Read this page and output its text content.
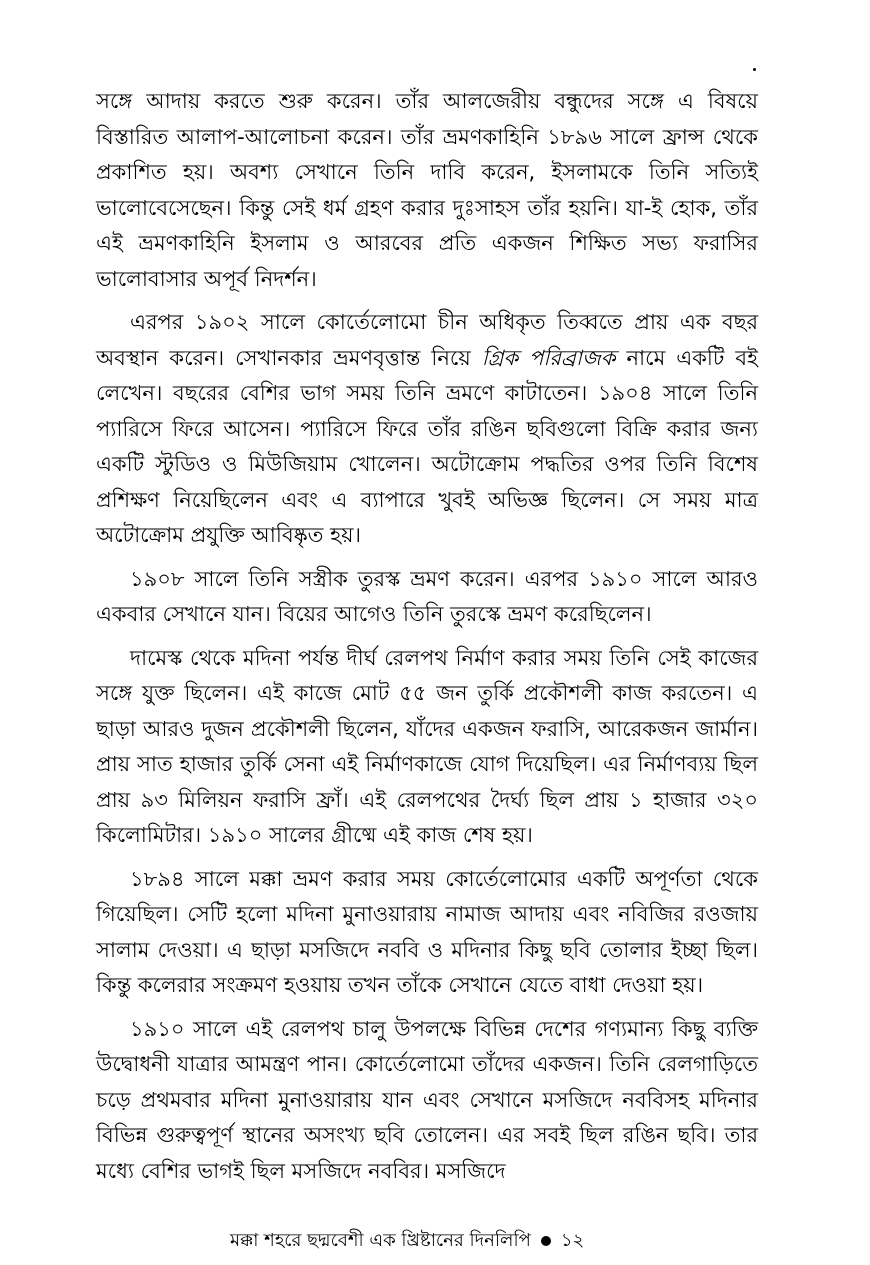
সঙ্গে আদায় করতে শুরু করেন। তাঁর আলজেরীয় বন্ধুদের সঙ্গে এ বিষয়ে বিস্তারিত আলাপ-আলোচনা করেন। তাঁর ভ্রমণকাহিনি ১৮৯৬ সালে ফ্রান্স থেকে প্রকাশিত হয়। অবশ্য সেখানে তিনি দাবি করেন, ইসলামকে তিনি সত্যিই ভালোবেসেছেন। কিন্তু সেই ধর্ম গ্রহণ করার দুঃসাহস তাঁর হয়নি। যা-ই হোক, তাঁর এই ভ্রমণকাহিনি ইসলাম ও আরবের প্রতি একজন শিক্ষিত সভ্য ফরাসির ভালোবাসার অপূর্ব নিদর্শন।

এরপর ১৯০২ সালে কোর্তেলোমো চীন অধিকৃত তিব্বতে প্রায় এক বছর অবস্থান করেন। সেখানকার ভ্রমণবৃত্তান্ত নিয়ে গ্রিক পরিব্রাজক নামে একটি বই লেখেন। বছরের বেশির ভাগ সময় তিনি ভ্রমণে কাটাতেন। ১৯০৪ সালে তিনি প্যারিসে ফিরে আসেন। প্যারিসে ফিরে তাঁর রঙিন ছবিগুলো বিক্রি করার জন্য একটি স্টুডিও ও মিউজিয়াম খোলেন। অটোক্রোম পদ্ধতির ওপর তিনি বিশেষ প্রশিক্ষণ নিয়েছিলেন এবং এ ব্যাপারে খুবই অভিজ্ঞ ছিলেন। সে সময় মাত্র অটোক্রোম প্রযুক্তি আবিষ্কৃত হয়।

১৯০৮ সালে তিনি সস্ত্রীক তুরস্ক ভ্রমণ করেন। এরপর ১৯১০ সালে আরও একবার সেখানে যান। বিয়ের আগেও তিনি তুরস্কে ভ্রমণ করেছিলেন।

দামেস্ক থেকে মদিনা পর্যন্ত দীর্ঘ রেলপথ নির্মাণ করার সময় তিনি সেই কাজের সঙ্গে যুক্ত ছিলেন। এই কাজে মোট ৫৫ জন তুর্কি প্রকৌশলী কাজ করতেন। এ ছাড়া আরও দুজন প্রকৌশলী ছিলেন, যাঁদের একজন ফরাসি, আরেকজন জার্মান। প্রায় সাত হাজার তুর্কি সেনা এই নির্মাণকাজে যোগ দিয়েছিল। এর নির্মাণব্যয় ছিল প্রায় ৯৩ মিলিয়ন ফরাসি ফ্রাঁ। এই রেলপথের দৈর্ঘ্য ছিল প্রায় ১ হাজার ৩২০ কিলোমিটার। ১৯১০ সালের গ্রীষ্মে এই কাজ শেষ হয়।

১৮৯৪ সালে মক্কা ভ্রমণ করার সময় কোর্তেলোমোর একটি অপূর্ণতা থেকে গিয়েছিল। সেটি হলো মদিনা মুনাওয়ারায় নামাজ আদায় এবং নবিজির রওজায় সালাম দেওয়া। এ ছাড়া মসজিদে নববি ও মদিনার কিছু ছবি তোলার ইচ্ছা ছিল। কিন্তু কলেরার সংক্রমণ হওয়ায় তখন তাঁকে সেখানে যেতে বাধা দেওয়া হয়।

১৯১০ সালে এই রেলপথ চালু উপলক্ষে বিভিন্ন দেশের গণ্যমান্য কিছু ব্যক্তি উদ্বোধনী যাত্রার আমন্ত্রণ পান। কোর্তেলোমো তাঁদের একজন। তিনি রেলগাড়িতে চড়ে প্রথমবার মদিনা মুনাওয়ারায় যান এবং সেখানে মসজিদে নববিসহ মদিনার বিভিন্ন গুরুত্বপূর্ণ স্থানের অসংখ্য ছবি তোলেন। এর সবই ছিল রঙিন ছবি। তার মধ্যে বেশির ভাগই ছিল মসজিদে নববির। মসজিদে

মক্কা শহরে ছদ্মবেশী এক খ্রিষ্টানের দিনলিপি ১২
